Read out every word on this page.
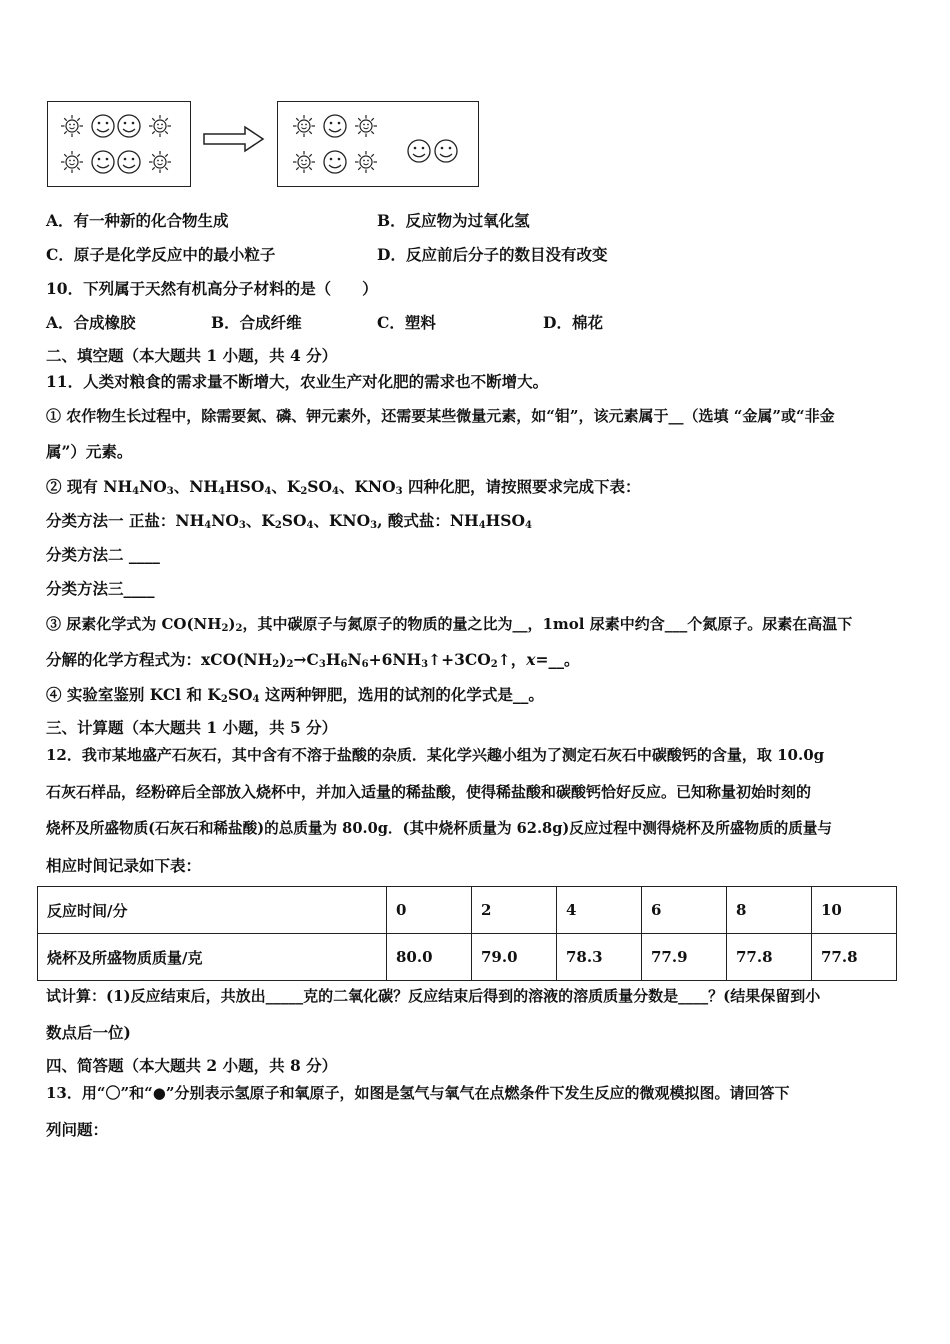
A．有一种新的化合物生成	B．反应物为过氧化氢
C．原子是化学反应中的最小粒子	D．反应前后分子的数目没有改变
10．下列属于天然有机高分子材料的是（　　）
A．合成橡胶	B．合成纤维	C．塑料	D．棉花
二、填空题（本大题共 1 小题，共 4 分）
11．人类对粮食的需求量不断增大，农业生产对化肥的需求也不断增大。
① 农作物生长过程中，除需要氮、磷、钾元素外，还需要某些微量元素，如“钼”，该元素属于__（选填 “金属”或“非金
属”）元素。
② 现有 $NH_4NO_3$、$NH_4HSO_4$、$K_2SO_4$、$KNO_3$ 四种化肥，请按照要求完成下表：
分类方法一 正盐：$NH_4NO_3$、$K_2SO_4$、$KNO_3$, 酸式盐：$NH_4HSO_4$
分类方法二 ____
分类方法三____
③ 尿素化学式为 $CO(NH_2)_2$，其中碳原子与氮原子的物质的量之比为__，1mol 尿素中约含___个氮原子。尿素在高温下
分解的化学方程式为：$xCO(NH_2)_2\to C_3H_6N_6+6NH_3↑+3CO_2↑$，x=__。
④ 实验室鉴别 KCl 和 $K_2SO_4$ 这两种钾肥，选用的试剂的化学式是__。
三、计算题（本大题共 1 小题，共 5 分）
12．我市某地盛产石灰石，其中含有不溶于盐酸的杂质．某化学兴趣小组为了测定石灰石中碳酸钙的含量，取 10.0g
石灰石样品，经粉碎后全部放入烧杯中，并加入适量的稀盐酸，使得稀盐酸和碳酸钙恰好反应。已知称量初始时刻的
烧杯及所盛物质(石灰石和稀盐酸)的总质量为 80.0g．(其中烧杯质量为 62.8g)反应过程中测得烧杯及所盛物质的质量与
相应时间记录如下表：
反应时间/分	0	2	4	6	8	10
烧杯及所盛物质质量/克	80.0	79.0	78.3	77.9	77.8	77.8
试计算：(1)反应结束后，共放出_____克的二氧化碳？反应结束后得到的溶液的溶质质量分数是____？(结果保留到小
数点后一位)
四、简答题（本大题共 2 小题，共 8 分）
13．用“〇”和“●”分别表示氢原子和氧原子，如图是氢气与氧气在点燃条件下发生反应的微观模拟图。请回答下
列问题：
